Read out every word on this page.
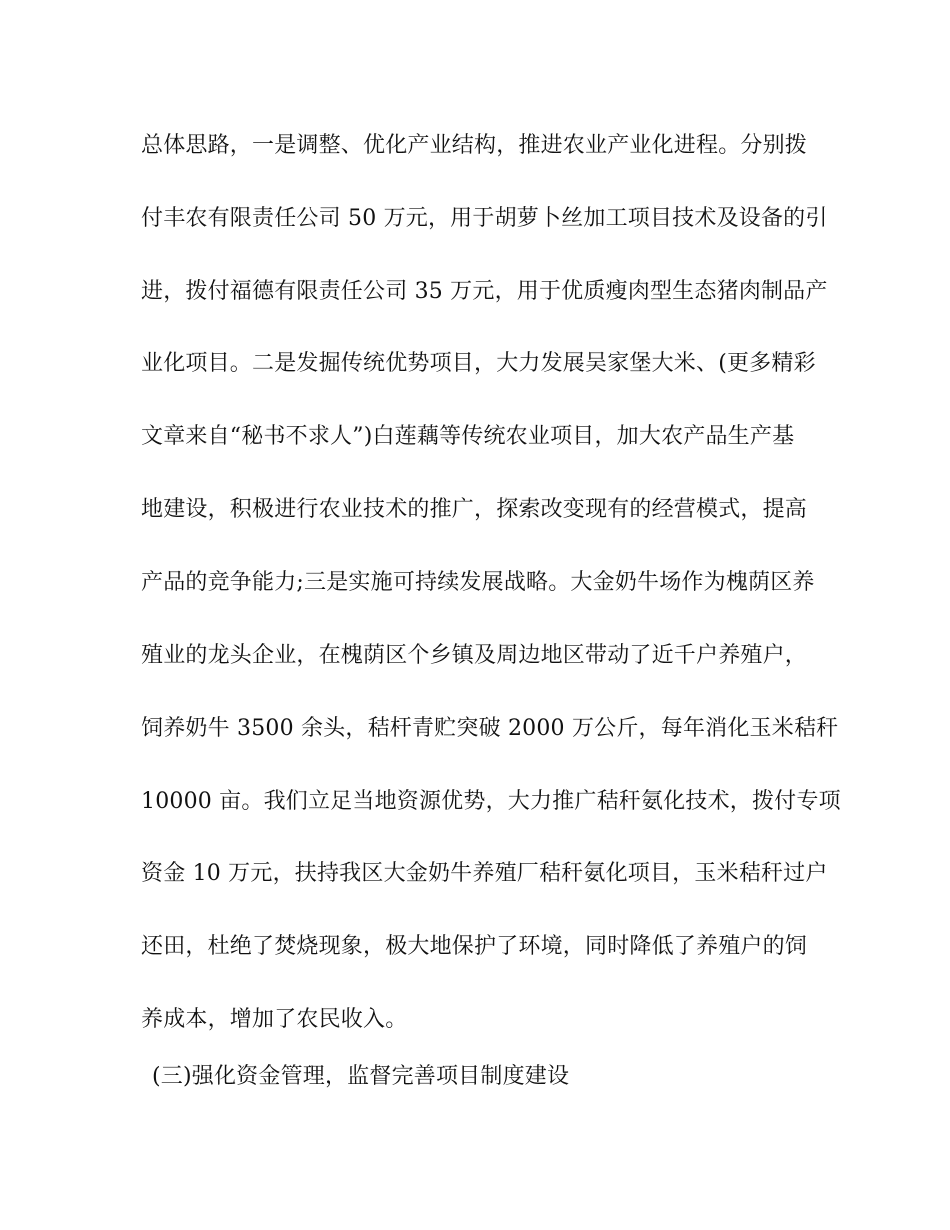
总体思路，一是调整、优化产业结构，推进农业产业化进程。分别拨
付丰农有限责任公司 50 万元，用于胡萝卜丝加工项目技术及设备的引
进，拨付福德有限责任公司 35 万元，用于优质瘦肉型生态猪肉制品产
业化项目。二是发掘传统优势项目，大力发展吴家堡大米、(更多精彩
文章来自“秘书不求人”)白莲藕等传统农业项目，加大农产品生产基
地建设，积极进行农业技术的推广，探索改变现有的经营模式，提高
产品的竞争能力;三是实施可持续发展战略。大金奶牛场作为槐荫区养
殖业的龙头企业，在槐荫区个乡镇及周边地区带动了近千户养殖户，
饲养奶牛 3500 余头，秸杆青贮突破 2000 万公斤，每年消化玉米秸秆
10000 亩。我们立足当地资源优势，大力推广秸秆氨化技术，拨付专项
资金 10 万元，扶持我区大金奶牛养殖厂秸秆氨化项目，玉米秸秆过户
还田，杜绝了焚烧现象，极大地保护了环境，同时降低了养殖户的饲
养成本，增加了农民收入。
(三)强化资金管理，监督完善项目制度建设
